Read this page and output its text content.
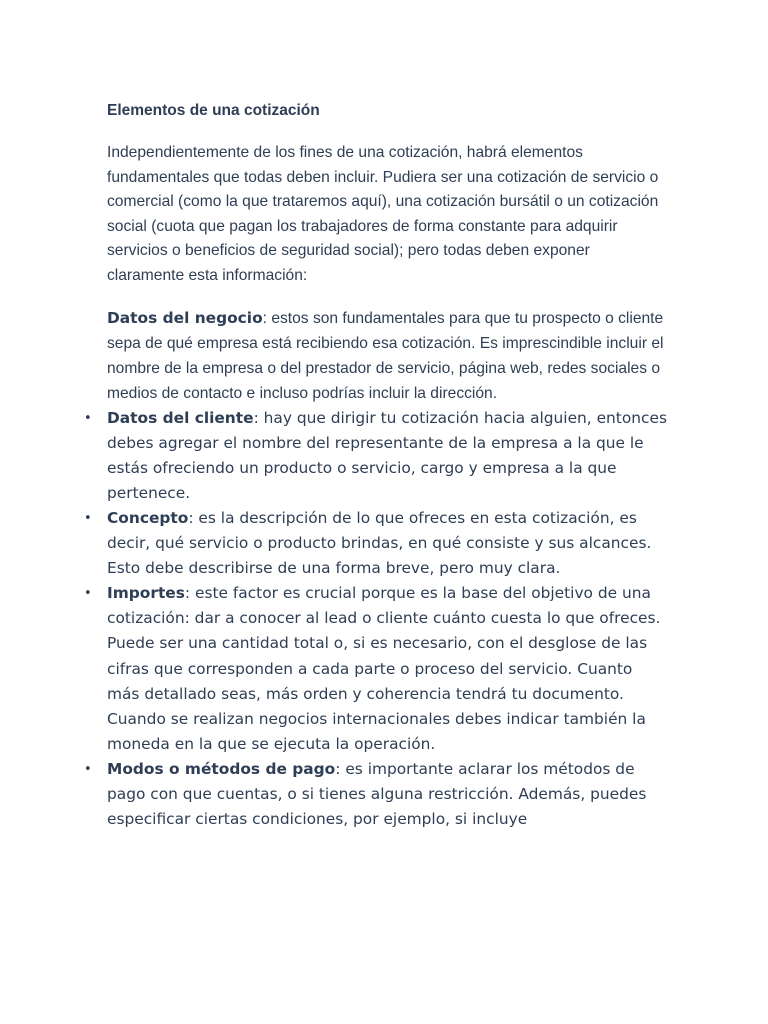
Elementos de una cotización

Independientemente de los fines de una cotización, habrá elementos fundamentales que todas deben incluir. Pudiera ser una cotización de servicio o comercial (como la que trataremos aquí), una cotización bursátil o un cotización social (cuota que pagan los trabajadores de forma constante para adquirir servicios o beneficios de seguridad social); pero todas deben exponer claramente esta información:

Datos del negocio: estos son fundamentales para que tu prospecto o cliente sepa de qué empresa está recibiendo esa cotización. Es imprescindible incluir el nombre de la empresa o del prestador de servicio, página web, redes sociales o medios de contacto e incluso podrías incluir la dirección.

• Datos del cliente: hay que dirigir tu cotización hacia alguien, entonces debes agregar el nombre del representante de la empresa a la que le estás ofreciendo un producto o servicio, cargo y empresa a la que pertenece.
• Concepto: es la descripción de lo que ofreces en esta cotización, es decir, qué servicio o producto brindas, en qué consiste y sus alcances. Esto debe describirse de una forma breve, pero muy clara.
• Importes: este factor es crucial porque es la base del objetivo de una cotización: dar a conocer al lead o cliente cuánto cuesta lo que ofreces. Puede ser una cantidad total o, si es necesario, con el desglose de las cifras que corresponden a cada parte o proceso del servicio. Cuanto más detallado seas, más orden y coherencia tendrá tu documento. Cuando se realizan negocios internacionales debes indicar también la moneda en la que se ejecuta la operación.
• Modos o métodos de pago: es importante aclarar los métodos de pago con que cuentas, o si tienes alguna restricción. Además, puedes especificar ciertas condiciones, por ejemplo, si incluye
